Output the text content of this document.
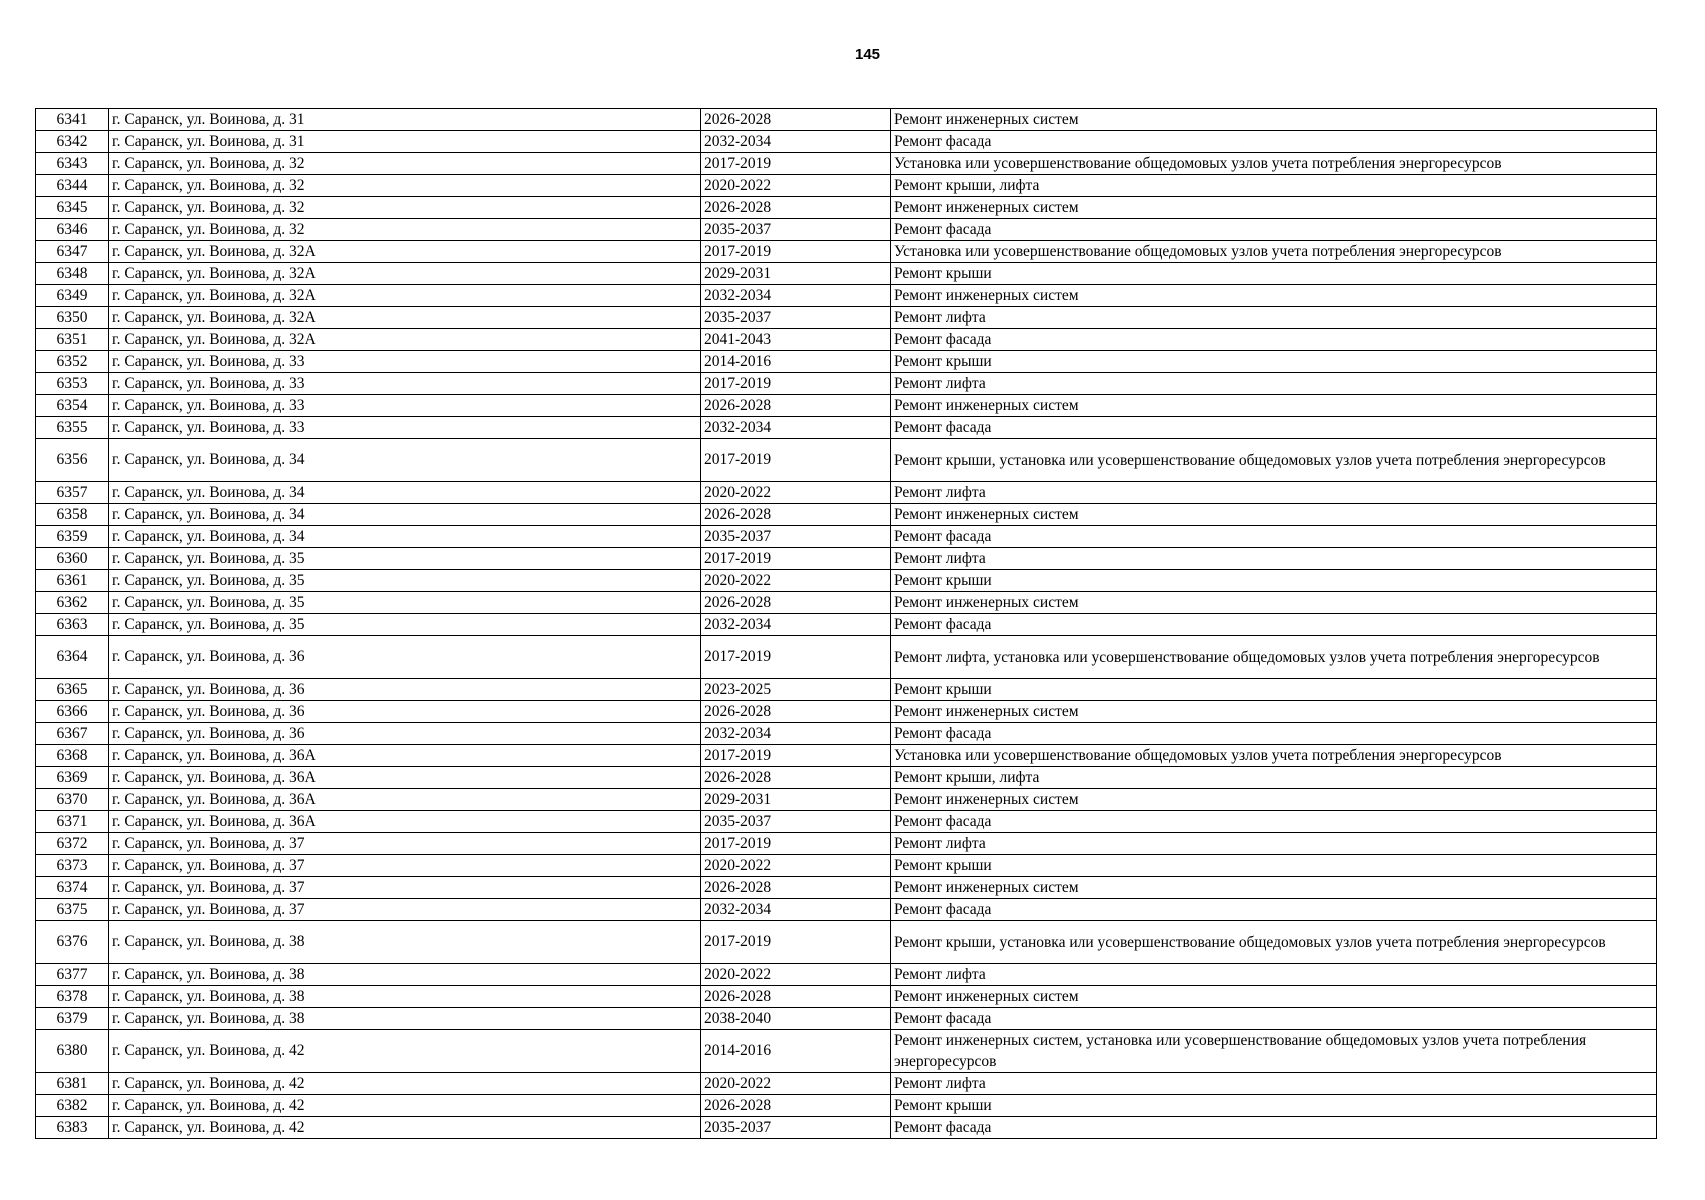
145
6341	г. Саранск, ул. Воинова, д. 31	2026-2028	Ремонт инженерных систем
6342	г. Саранск, ул. Воинова, д. 31	2032-2034	Ремонт фасада
6343	г. Саранск, ул. Воинова, д. 32	2017-2019	Установка или усовершенствование общедомовых узлов учета потребления энергоресурсов
6344	г. Саранск, ул. Воинова, д. 32	2020-2022	Ремонт крыши, лифта
6345	г. Саранск, ул. Воинова, д. 32	2026-2028	Ремонт инженерных систем
6346	г. Саранск, ул. Воинова, д. 32	2035-2037	Ремонт фасада
6347	г. Саранск, ул. Воинова, д. 32А	2017-2019	Установка или усовершенствование общедомовых узлов учета потребления энергоресурсов
6348	г. Саранск, ул. Воинова, д. 32А	2029-2031	Ремонт крыши
6349	г. Саранск, ул. Воинова, д. 32А	2032-2034	Ремонт инженерных систем
6350	г. Саранск, ул. Воинова, д. 32А	2035-2037	Ремонт лифта
6351	г. Саранск, ул. Воинова, д. 32А	2041-2043	Ремонт фасада
6352	г. Саранск, ул. Воинова, д. 33	2014-2016	Ремонт крыши
6353	г. Саранск, ул. Воинова, д. 33	2017-2019	Ремонт лифта
6354	г. Саранск, ул. Воинова, д. 33	2026-2028	Ремонт инженерных систем
6355	г. Саранск, ул. Воинова, д. 33	2032-2034	Ремонт фасада
6356	г. Саранск, ул. Воинова, д. 34	2017-2019	Ремонт крыши, установка или усовершенствование общедомовых узлов учета потребления энергоресурсов
6357	г. Саранск, ул. Воинова, д. 34	2020-2022	Ремонт лифта
6358	г. Саранск, ул. Воинова, д. 34	2026-2028	Ремонт инженерных систем
6359	г. Саранск, ул. Воинова, д. 34	2035-2037	Ремонт фасада
6360	г. Саранск, ул. Воинова, д. 35	2017-2019	Ремонт лифта
6361	г. Саранск, ул. Воинова, д. 35	2020-2022	Ремонт крыши
6362	г. Саранск, ул. Воинова, д. 35	2026-2028	Ремонт инженерных систем
6363	г. Саранск, ул. Воинова, д. 35	2032-2034	Ремонт фасада
6364	г. Саранск, ул. Воинова, д. 36	2017-2019	Ремонт лифта, установка или усовершенствование общедомовых узлов учета потребления энергоресурсов
6365	г. Саранск, ул. Воинова, д. 36	2023-2025	Ремонт крыши
6366	г. Саранск, ул. Воинова, д. 36	2026-2028	Ремонт инженерных систем
6367	г. Саранск, ул. Воинова, д. 36	2032-2034	Ремонт фасада
6368	г. Саранск, ул. Воинова, д. 36А	2017-2019	Установка или усовершенствование общедомовых узлов учета потребления энергоресурсов
6369	г. Саранск, ул. Воинова, д. 36А	2026-2028	Ремонт крыши, лифта
6370	г. Саранск, ул. Воинова, д. 36А	2029-2031	Ремонт инженерных систем
6371	г. Саранск, ул. Воинова, д. 36А	2035-2037	Ремонт фасада
6372	г. Саранск, ул. Воинова, д. 37	2017-2019	Ремонт лифта
6373	г. Саранск, ул. Воинова, д. 37	2020-2022	Ремонт крыши
6374	г. Саранск, ул. Воинова, д. 37	2026-2028	Ремонт инженерных систем
6375	г. Саранск, ул. Воинова, д. 37	2032-2034	Ремонт фасада
6376	г. Саранск, ул. Воинова, д. 38	2017-2019	Ремонт крыши, установка или усовершенствование общедомовых узлов учета потребления энергоресурсов
6377	г. Саранск, ул. Воинова, д. 38	2020-2022	Ремонт лифта
6378	г. Саранск, ул. Воинова, д. 38	2026-2028	Ремонт инженерных систем
6379	г. Саранск, ул. Воинова, д. 38	2038-2040	Ремонт фасада
6380	г. Саранск, ул. Воинова, д. 42	2014-2016	Ремонт инженерных систем, установка или усовершенствование общедомовых узлов учета потребления энергоресурсов
6381	г. Саранск, ул. Воинова, д. 42	2020-2022	Ремонт лифта
6382	г. Саранск, ул. Воинова, д. 42	2026-2028	Ремонт крыши
6383	г. Саранск, ул. Воинова, д. 42	2035-2037	Ремонт фасада
